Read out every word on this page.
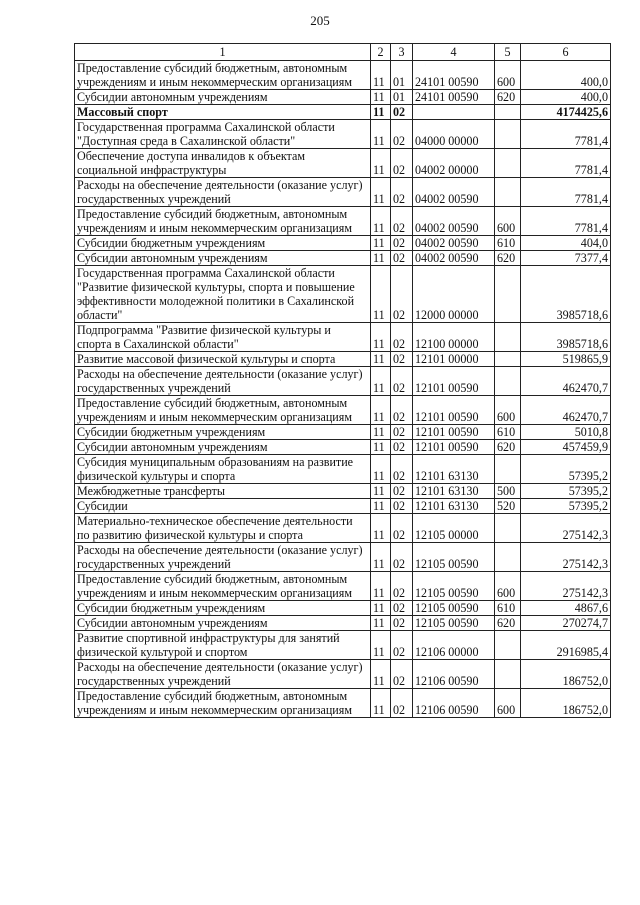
205
1	2	3	4	5	6
Предоставление субсидий бюджетным, автономным учреждениям и иным некоммерческим организациям	11	01	24101 00590	600	400,0
Субсидии автономным учреждениям	11	01	24101 00590	620	400,0
Массовый спорт	11	02			4174425,6
Государственная программа Сахалинской области "Доступная среда в Сахалинской области"	11	02	04000 00000		7781,4
Обеспечение доступа инвалидов к объектам социальной инфраструктуры	11	02	04002 00000		7781,4
Расходы на обеспечение деятельности (оказание услуг) государственных учреждений	11	02	04002 00590		7781,4
Предоставление субсидий бюджетным, автономным учреждениям и иным некоммерческим организациям	11	02	04002 00590	600	7781,4
Субсидии бюджетным учреждениям	11	02	04002 00590	610	404,0
Субсидии автономным учреждениям	11	02	04002 00590	620	7377,4
Государственная программа Сахалинской области "Развитие физической культуры, спорта и повышение эффективности молодежной политики в Сахалинской области"	11	02	12000 00000		3985718,6
Подпрограмма "Развитие физической культуры и спорта в Сахалинской области"	11	02	12100 00000		3985718,6
Развитие массовой физической культуры и спорта	11	02	12101 00000		519865,9
Расходы на обеспечение деятельности (оказание услуг) государственных учреждений	11	02	12101 00590		462470,7
Предоставление субсидий бюджетным, автономным учреждениям и иным некоммерческим организациям	11	02	12101 00590	600	462470,7
Субсидии бюджетным учреждениям	11	02	12101 00590	610	5010,8
Субсидии автономным учреждениям	11	02	12101 00590	620	457459,9
Субсидия муниципальным образованиям на развитие физической культуры и спорта	11	02	12101 63130		57395,2
Межбюджетные трансферты	11	02	12101 63130	500	57395,2
Субсидии	11	02	12101 63130	520	57395,2
Материально-техническое обеспечение деятельности по развитию физической культуры и спорта	11	02	12105 00000		275142,3
Расходы на обеспечение деятельности (оказание услуг) государственных учреждений	11	02	12105 00590		275142,3
Предоставление субсидий бюджетным, автономным учреждениям и иным некоммерческим организациям	11	02	12105 00590	600	275142,3
Субсидии бюджетным учреждениям	11	02	12105 00590	610	4867,6
Субсидии автономным учреждениям	11	02	12105 00590	620	270274,7
Развитие спортивной инфраструктуры для занятий физической культурой и спортом	11	02	12106 00000		2916985,4
Расходы на обеспечение деятельности (оказание услуг) государственных учреждений	11	02	12106 00590		186752,0
Предоставление субсидий бюджетным, автономным учреждениям и иным некоммерческим организациям	11	02	12106 00590	600	186752,0
